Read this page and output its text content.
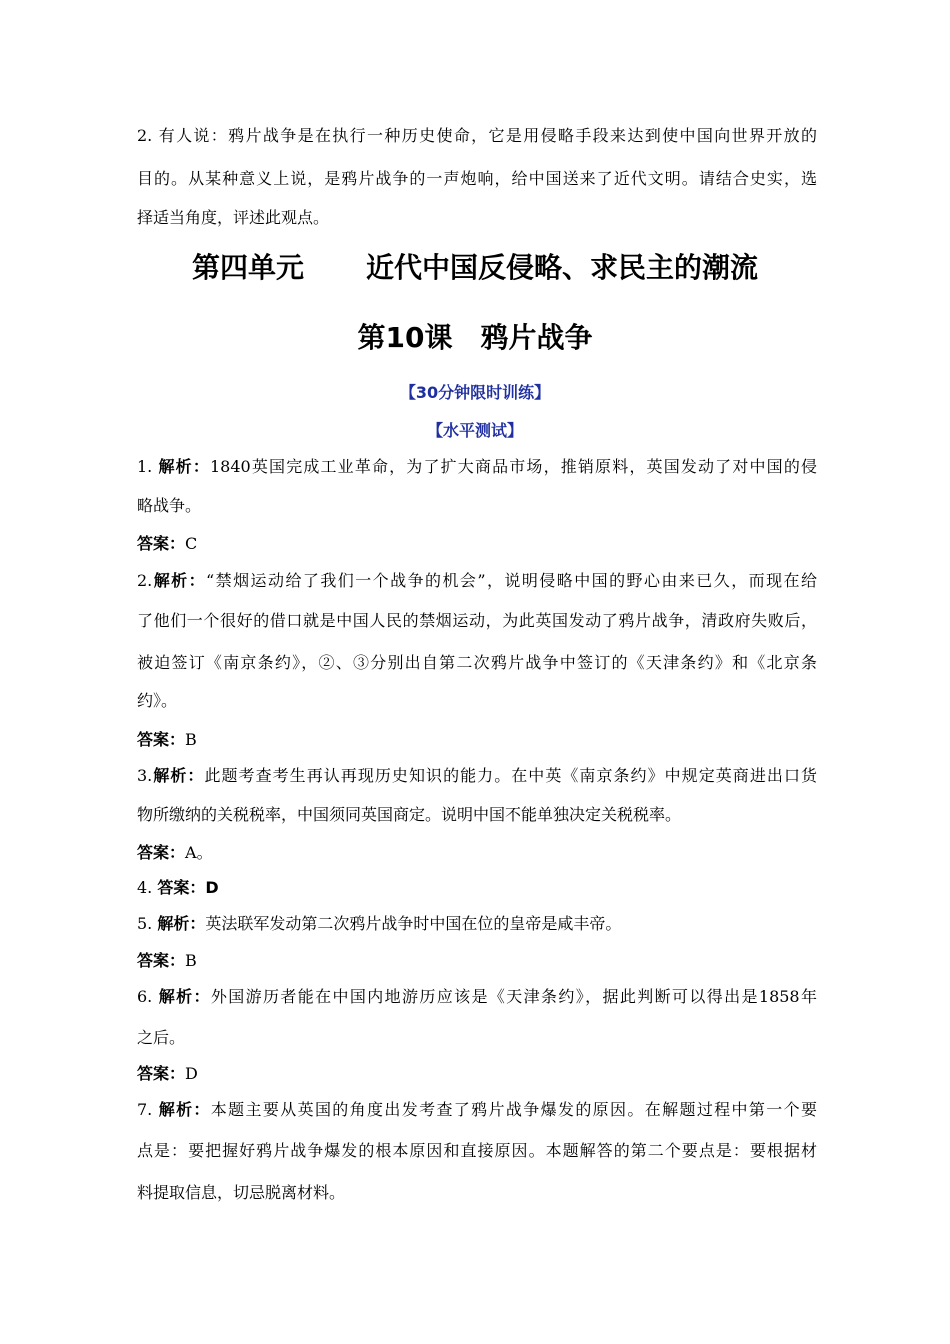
2. 有人说：鸦片战争是在执行一种历史使命，它是用侵略手段来达到使中国向世界开放的
目的。从某种意义上说，是鸦片战争的一声炮响，给中国送来了近代文明。请结合史实，选
择适当角度，评述此观点。
第四单元 近代中国反侵略、求民主的潮流
第10课 鸦片战争
【30分钟限时训练】
【水平测试】
1. 解析：1840英国完成工业革命，为了扩大商品市场，推销原料，英国发动了对中国的侵
略战争。
答案：C
2.解析：“禁烟运动给了我们一个战争的机会”，说明侵略中国的野心由来已久，而现在给
了他们一个很好的借口就是中国人民的禁烟运动，为此英国发动了鸦片战争，清政府失败后，
被迫签订《南京条约》，②、③分别出自第二次鸦片战争中签订的《天津条约》和《北京条
约》。
答案：B
3.解析：此题考查考生再认再现历史知识的能力。在中英《南京条约》中规定英商进出口货
物所缴纳的关税税率，中国须同英国商定。说明中国不能单独决定关税税率。
答案：A。
4. 答案：D
5. 解析：英法联军发动第二次鸦片战争时中国在位的皇帝是咸丰帝。
答案：B
6. 解析：外国游历者能在中国内地游历应该是《天津条约》，据此判断可以得出是1858年
之后。
答案：D
7. 解析：本题主要从英国的角度出发考查了鸦片战争爆发的原因。在解题过程中第一个要
点是：要把握好鸦片战争爆发的根本原因和直接原因。本题解答的第二个要点是：要根据材
料提取信息，切忌脱离材料。
